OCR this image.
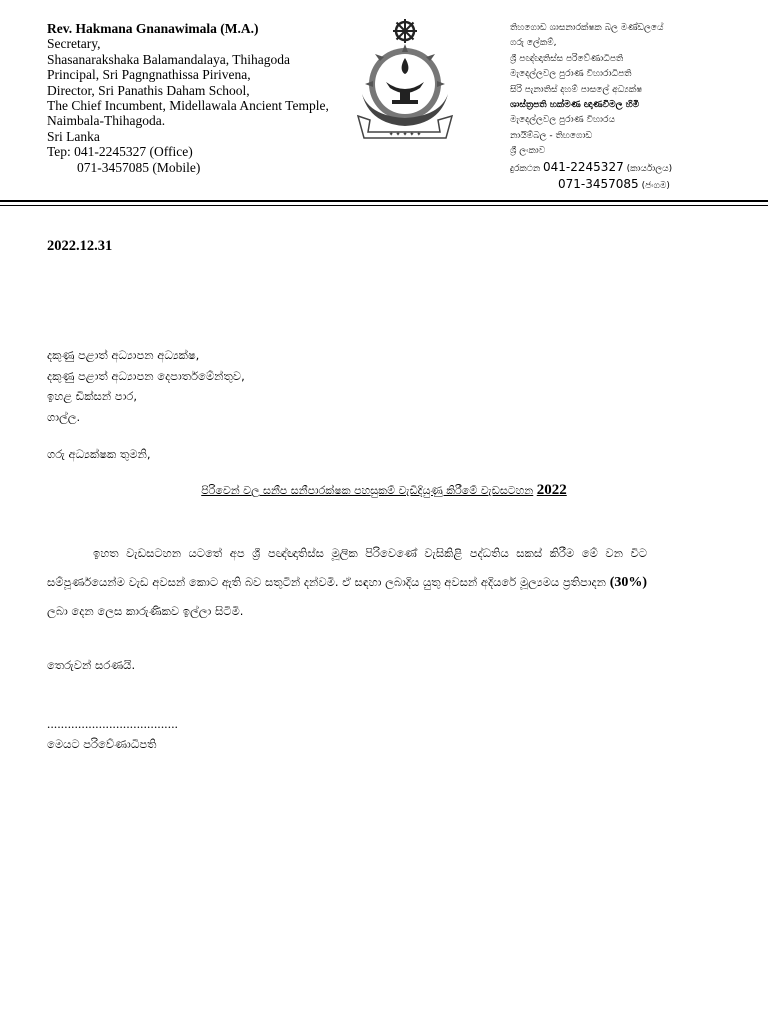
Rev. Hakmana Gnanawimala (M.A.)
Secretary,
Shasanarakshaka Balamandalaya, Thihagoda
Principal, Sri Pagngnathissa Pirivena,
Director, Sri Panathis Daham School,
The Chief Incumbent, Midellawala Ancient Temple,
Naimbala-Thihagoda.
Sri Lanka
Tep: 041-2245327 (Office)
071-3457085 (Mobile)
✦ ✦ ✦ ✦ ✦
තිහගොඩ ශාසනාරක්ෂක බල මණ්ඩලයේ
ගරු ලේකම්,
ශ්‍රී පඥ්ඥාතිස්ස පරිවේණාධිපති
මැදෙල්ලවල පුරාණ විහාරාධිපති
සිරි පැනාතිස් දහම් පාසලේ අධ්‍යක්ෂ
ශාස්ත්‍රපති හක්මණ ඥාණවිමල හිමි
මැදෙල්ලවල පුරාණ විහාරය
නායිම්බල - තිහගොඩ
ශ්‍රී ලංකාව
දුරකථන 041-2245327 (කාර්යාලය)
071-3457085 (ජංගම)
2022.12.31
දකුණු පළාත් අධ්‍යාපන අධ්‍යක්ෂ,
දකුණු පළාත් අධ්‍යාපන දෙපාර්තමේන්තුව,
ඉහළ ඩික්සන් පාර,
ගාල්ල.
ගරු අධ්‍යක්ෂක තුමනි,
පිරිවෙන් වල සනීප සනීපාරක්ෂක පහසුකම් වැඩිදියුණු කිරීමේ වැඩසටහන 2022
ඉහත වැඩසටහන යටතේ අප ශ්‍රී පඥ්ඥාතිස්ස මූලික පිරිවෙණේ වැසිකිළි පද්ධතිය සකස් කිරීම මේ වන විට සම්පූර්ණයෙන්ම වැඩ අවසන් කොට ඇති බව සතුටින් දන්වමි. ඒ සඳහා ලබාදිය යුතු අවසන් අදියරේ මූල්‍යමය ප්‍රතිපාදන (30%) ලබා දෙන ලෙස කාරුණිකව ඉල්ලා සිටිමි.
තෙරුවන් සරණයි.
......................................
මෙයට පරිවේණාධිපති
